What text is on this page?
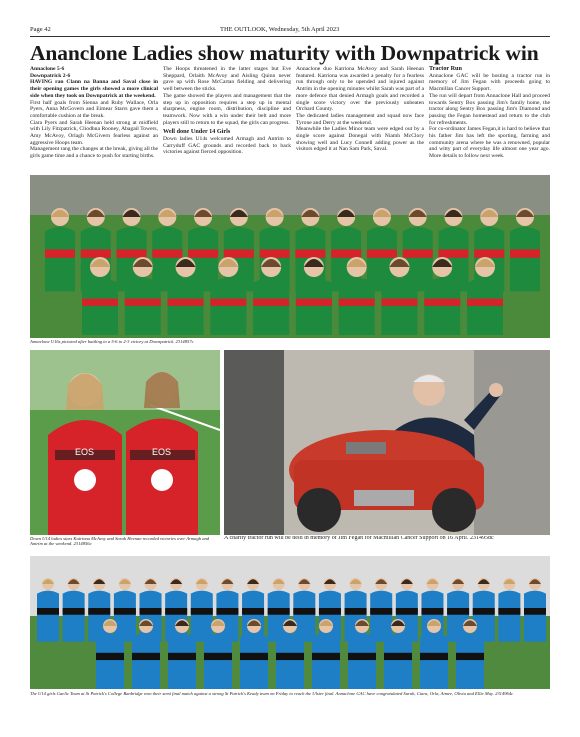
Page 42	THE OUTLOOK, Wednesday, 5th April 2023
Ananclone Ladies show maturity with Downpatrick win

Annaclone 5-6

Downpatrick 2-6

HAVING ran Clann na Banna and Saval close in their opening games the girls showed a more clinical side when they took on Downpatrick at the weekend.

First half goals from Sienna and Ruby Wallace, Orla Pyers, Anna McGovern and Eimear Starrs gave them a comfortable cushion at the break.

Ciara Pyers and Sarah Heenan held strong at midfield with Lily Fitzpatrick, Cliodhna Rooney, Abagail Towers, Amy McAvoy, Orlagh McGivern fearless against an aggressive Hoops team.

Management rang the changes at the break, giving all the girls game time and a chance to push for starting births.

The Hoops threatened in the latter stages but Eve Sheppard, Orlaith McAvoy and Aisling Quinn never gave up with Rose McCartan fielding and delivering well between the sticks.

The game showed the players and management that the step up in opposition requires a step up in mental sharpness, engine room, distribution, discipline and teamwork. Now with a win under their belt and more players still to return to the squad, the girls can progress.

Well done Under 14 Girls

Down ladies U14s welcomed Armagh and Antrim to Carryduff GAC grounds and recorded back to back victories against fierced opposition.

Annaclone duo Katriona McAvoy and Sarah Heenan featured. Katriona was awarded a penalty for a fearless run through only to be upended and injured against Antrim in the opening minutes whilst Sarah was part of a more defence that denied Armagh goals and recorded a single score victory over the previously unbeaten Orchard County.

The dedicated ladies management and squad now face Tyrone and Derry at the weekend.

Meanwhile the Ladies Minor team were edged out by a single score against Donegal with Niamh McClory showing well and Lucy Connell adding power as the visitors edged it at Nan Sam Park, Saval.

Tractor Run

Annaclone GAC will be hosting a tractor run in memory of Jim Fegan with proceeds going to Macmillan Cancer Support.

The run will depart from Annaclone Hall and proceed towards Sentry Box passing Jim's family home, the tractor along Sentry Box passing Jim's Diamond and passing the Fegan homestead and return to the club for refreshments.

For co-ordinator James Fegan,it is hard to believe that his father Jim has left the sporting, farming and community arena where he was a renowned, popular and witty part of everyday life almost one year ago. More details to follow next week.

Annaclone U16s pictured after battling to a 5-6 to 2-3 victory at Downpatrick. 2314857c
EOS	EOS
Down U14 ladies stars Katriona McAvoy and Sarah Heenan recorded victories over Armagh and Antrim at the weekend. 2314856c
A charity tractor run will be held in memory of Jim Fegan for Macmillan Cancer Support on 16 April. 2314958c
The U14 girls Gaelic Team at St Patrick's College Banbridge won their semi final match against a strong St Patrick's Keady team on Friday to reach the Ulster final. Annaclone GAC have congratulated Sarah, Ciara, Orla, Aimee, Olivia and Ellie May. 2314964c
